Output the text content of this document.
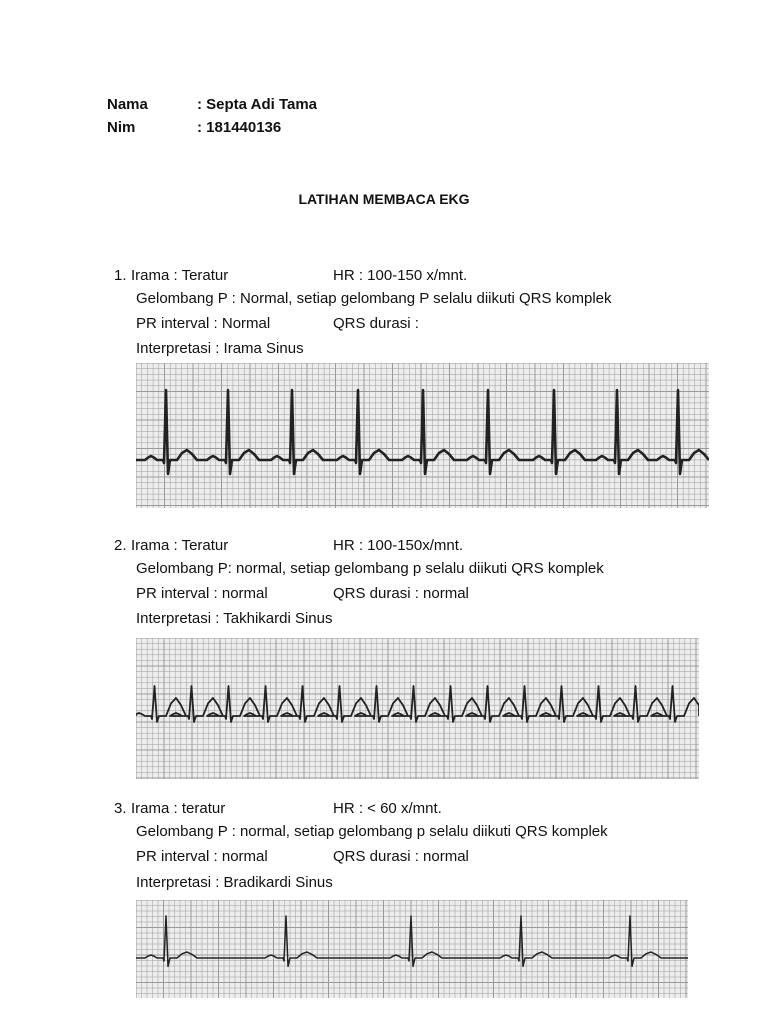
Nama	: Septa Adi Tama
Nim	: 181440136
LATIHAN MEMBACA EKG
1. Irama : Teratur	HR : 100-150 x/mnt.
Gelombang P : Normal, setiap gelombang P selalu diikuti QRS komplek
PR interval : Normal	QRS durasi :
Interpretasi : Irama Sinus
2. Irama : Teratur	HR : 100-150x/mnt.
Gelombang P: normal, setiap gelombang p selalu diikuti QRS komplek
PR interval : normal	QRS durasi : normal
Interpretasi : Takhikardi Sinus
3. Irama : teratur	HR : < 60 x/mnt.
Gelombang P : normal, setiap gelombang p selalu diikuti QRS komplek
PR interval : normal	QRS durasi : normal
Interpretasi : Bradikardi Sinus
